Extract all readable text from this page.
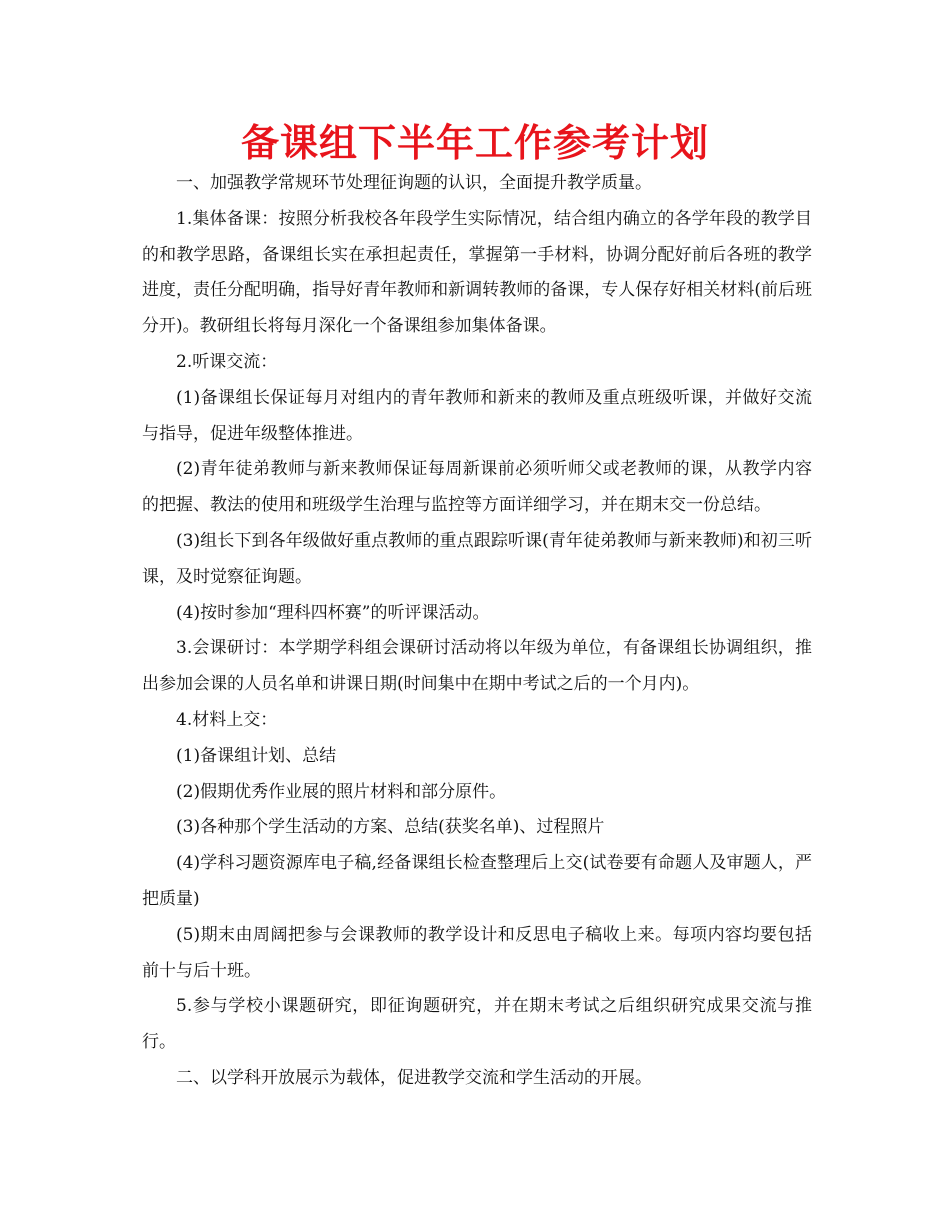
备课组下半年工作参考计划

一、加强教学常规环节处理征询题的认识，全面提升教学质量。

1.集体备课：按照分析我校各年段学生实际情况，结合组内确立的各学年段的教学目的和教学思路，备课组长实在承担起责任，掌握第一手材料，协调分配好前后各班的教学进度，责任分配明确，指导好青年教师和新调转教师的备课，专人保存好相关材料(前后班分开)。教研组长将每月深化一个备课组参加集体备课。

2.听课交流：

(1)备课组长保证每月对组内的青年教师和新来的教师及重点班级听课，并做好交流与指导，促进年级整体推进。

(2)青年徒弟教师与新来教师保证每周新课前必须听师父或老教师的课，从教学内容的把握、教法的使用和班级学生治理与监控等方面详细学习，并在期末交一份总结。

(3)组长下到各年级做好重点教师的重点跟踪听课(青年徒弟教师与新来教师)和初三听课，及时觉察征询题。

(4)按时参加“理科四杯赛”的听评课活动。

3.会课研讨：本学期学科组会课研讨活动将以年级为单位，有备课组长协调组织，推出参加会课的人员名单和讲课日期(时间集中在期中考试之后的一个月内)。

4.材料上交：

(1)备课组计划、总结

(2)假期优秀作业展的照片材料和部分原件。

(3)各种那个学生活动的方案、总结(获奖名单)、过程照片

(4)学科习题资源库电子稿,经备课组长检查整理后上交(试卷要有命题人及审题人，严把质量)

(5)期末由周阔把参与会课教师的教学设计和反思电子稿收上来。每项内容均要包括前十与后十班。

5.参与学校小课题研究，即征询题研究，并在期末考试之后组织研究成果交流与推行。

二、以学科开放展示为载体，促进教学交流和学生活动的开展。
